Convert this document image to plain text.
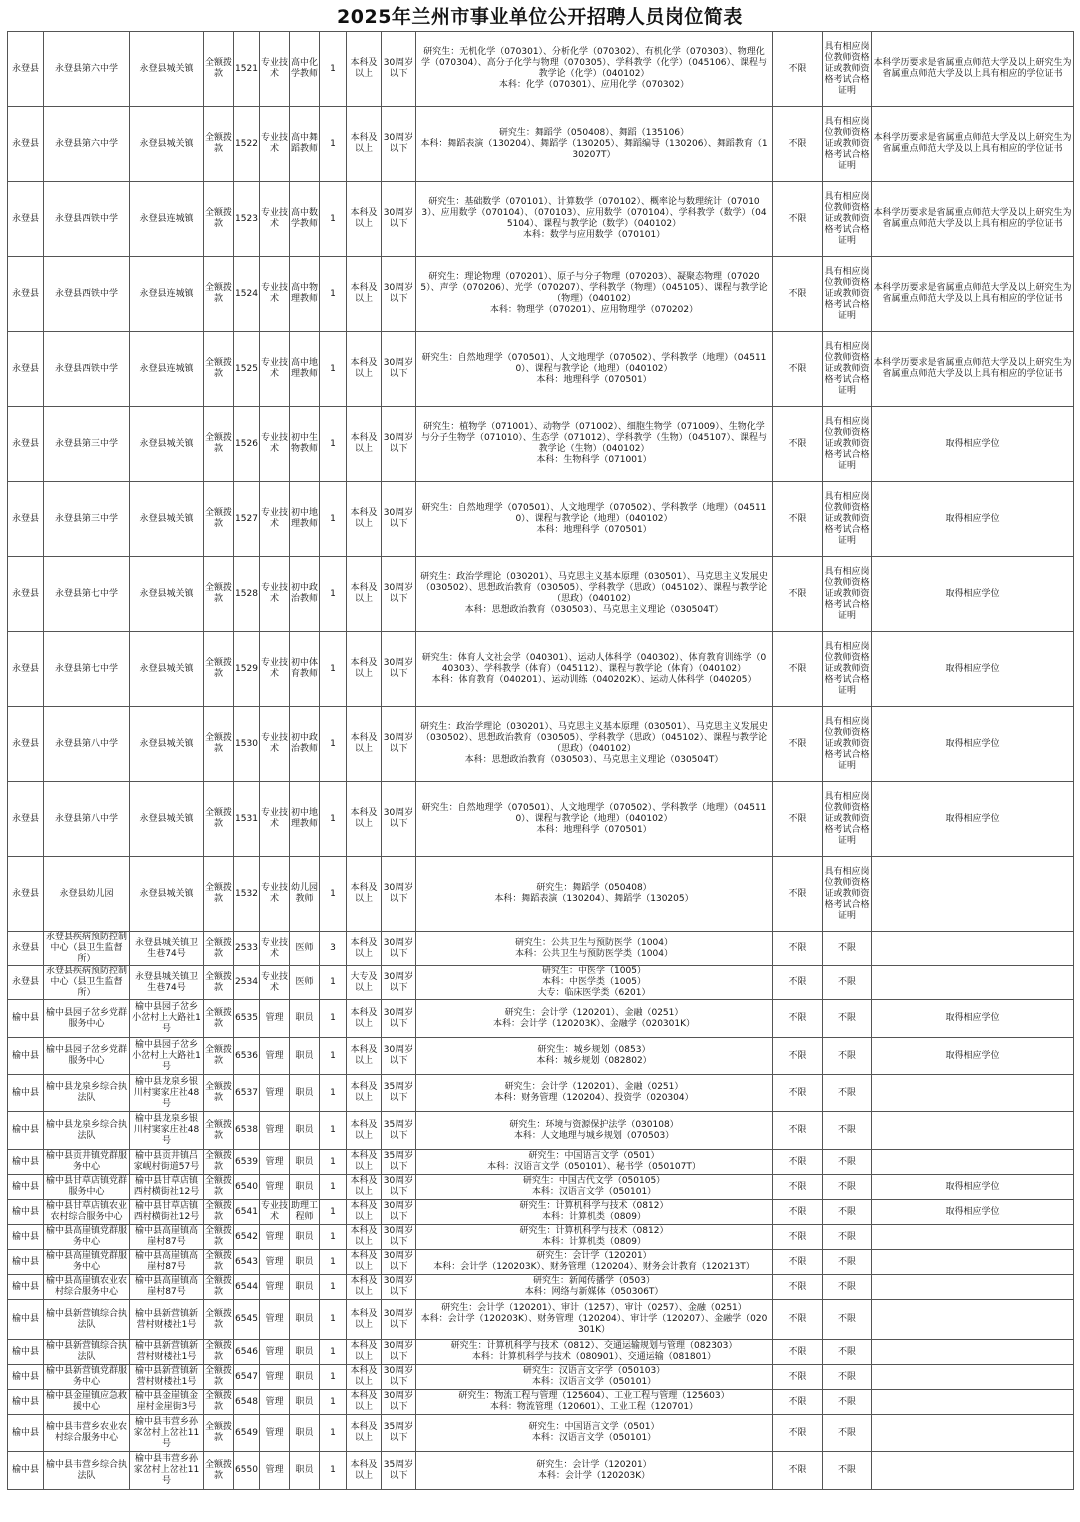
2025年兰州市事业单位公开招聘人员岗位简表
永登县	永登县第六中学	永登县城关镇	全额拨款	1521	专业技术	高中化学教师	1	本科及以上	30周岁以下	研究生：无机化学（070301）、分析化学（070302）、有机化学（070303）、物理化学（070304）、高分子化学与物理（070305）、学科教学（化学）（045106）、课程与教学论（化学）（040102）
本科：化学（070301）、应用化学（070302）	不限	具有相应岗位教师资格证或教师资格考试合格证明	本科学历要求是省属重点师范大学及以上研究生为省属重点师范大学及以上具有相应的学位证书
永登县	永登县第六中学	永登县城关镇	全额拨款	1522	专业技术	高中舞蹈教师	1	本科及以上	30周岁以下	研究生：舞蹈学（050408）、舞蹈（135106）
本科：舞蹈表演（130204）、舞蹈学（130205）、舞蹈编导（130206）、舞蹈教育（130207T）	不限	具有相应岗位教师资格证或教师资格考试合格证明	本科学历要求是省属重点师范大学及以上研究生为省属重点师范大学及以上具有相应的学位证书
永登县	永登县西铁中学	永登县连城镇	全额拨款	1523	专业技术	高中数学教师	1	本科及以上	30周岁以下	研究生：基础数学（070101）、计算数学（070102）、概率论与数理统计（070103）、应用数学（070104）、（070103）、应用数学（070104）、学科教学（数学）（045104）、课程与教学论（数学）（040102）
本科：数学与应用数学（070101）	不限	具有相应岗位教师资格证或教师资格考试合格证明	本科学历要求是省属重点师范大学及以上研究生为省属重点师范大学及以上具有相应的学位证书
永登县	永登县西铁中学	永登县连城镇	全额拨款	1524	专业技术	高中物理教师	1	本科及以上	30周岁以下	研究生：理论物理（070201）、原子与分子物理（070203）、凝聚态物理（070205）、声学（070206）、光学（070207）、学科教学（物理）（045105）、课程与教学论（物理）（040102）
本科：物理学（070201）、应用物理学（070202）	不限	具有相应岗位教师资格证或教师资格考试合格证明	本科学历要求是省属重点师范大学及以上研究生为省属重点师范大学及以上具有相应的学位证书
永登县	永登县西铁中学	永登县连城镇	全额拨款	1525	专业技术	高中地理教师	1	本科及以上	30周岁以下	研究生：自然地理学（070501）、人文地理学（070502）、学科教学（地理）（045110）、课程与教学论（地理）（040102）
本科：地理科学（070501）	不限	具有相应岗位教师资格证或教师资格考试合格证明	本科学历要求是省属重点师范大学及以上研究生为省属重点师范大学及以上具有相应的学位证书
永登县	永登县第三中学	永登县城关镇	全额拨款	1526	专业技术	初中生物教师	1	本科及以上	30周岁以下	研究生：植物学（071001）、动物学（071002）、细胞生物学（071009）、生物化学与分子生物学（071010）、生态学（071012）、学科教学（生物）（045107）、课程与教学论（生物）（040102）
本科：生物科学（071001）	不限	具有相应岗位教师资格证或教师资格考试合格证明	取得相应学位
永登县	永登县第三中学	永登县城关镇	全额拨款	1527	专业技术	初中地理教师	1	本科及以上	30周岁以下	研究生：自然地理学（070501）、人文地理学（070502）、学科教学（地理）（045110）、课程与教学论（地理）（040102）
本科：地理科学（070501）	不限	具有相应岗位教师资格证或教师资格考试合格证明	取得相应学位
永登县	永登县第七中学	永登县城关镇	全额拨款	1528	专业技术	初中政治教师	1	本科及以上	30周岁以下	研究生：政治学理论（030201）、马克思主义基本原理（030501）、马克思主义发展史（030502）、思想政治教育（030505）、学科教学（思政）（045102）、课程与教学论（思政）（040102）
本科：思想政治教育（030503）、马克思主义理论（030504T）	不限	具有相应岗位教师资格证或教师资格考试合格证明	取得相应学位
永登县	永登县第七中学	永登县城关镇	全额拨款	1529	专业技术	初中体育教师	1	本科及以上	30周岁以下	研究生：体育人文社会学（040301）、运动人体科学（040302）、体育教育训练学（040303）、学科教学（体育）（045112）、课程与教学论（体育）（040102）
本科：体育教育（040201）、运动训练（040202K）、运动人体科学（040205）	不限	具有相应岗位教师资格证或教师资格考试合格证明	取得相应学位
永登县	永登县第八中学	永登县城关镇	全额拨款	1530	专业技术	初中政治教师	1	本科及以上	30周岁以下	研究生：政治学理论（030201）、马克思主义基本原理（030501）、马克思主义发展史（030502）、思想政治教育（030505）、学科教学（思政）（045102）、课程与教学论（思政）（040102）
本科：思想政治教育（030503）、马克思主义理论（030504T）	不限	具有相应岗位教师资格证或教师资格考试合格证明	取得相应学位
永登县	永登县第八中学	永登县城关镇	全额拨款	1531	专业技术	初中地理教师	1	本科及以上	30周岁以下	研究生：自然地理学（070501）、人文地理学（070502）、学科教学（地理）（045110）、课程与教学论（地理）（040102）
本科：地理科学（070501）	不限	具有相应岗位教师资格证或教师资格考试合格证明	取得相应学位
永登县	永登县幼儿园	永登县城关镇	全额拨款	1532	专业技术	幼儿园教师	1	本科及以上	30周岁以下	研究生：舞蹈学（050408）
本科：舞蹈表演（130204）、舞蹈学（130205）	不限	具有相应岗位教师资格证或教师资格考试合格证明	
永登县	永登县疾病预防控制中心（县卫生监督所）	永登县城关镇卫生巷74号	全额拨款	2533	专业技术	医师	3	本科及以上	30周岁以下	研究生：公共卫生与预防医学（1004）
本科：公共卫生与预防医学类（1004）	不限	不限	
永登县	永登县疾病预防控制中心（县卫生监督所）	永登县城关镇卫生巷74号	全额拨款	2534	专业技术	医师	1	大专及以上	30周岁以下	研究生：中医学（1005）
本科：中医学类（1005）
大专：临床医学类（6201）	不限	不限	
榆中县	榆中县园子岔乡党群服务中心	榆中县园子岔乡小岔村上大路社1号	全额拨款	6535	管理	职员	1	本科及以上	30周岁以下	研究生：会计学（120201）、金融（0251）
本科：会计学（120203K）、金融学（020301K）	不限	不限	取得相应学位
榆中县	榆中县园子岔乡党群服务中心	榆中县园子岔乡小岔村上大路社1号	全额拨款	6536	管理	职员	1	本科及以上	30周岁以下	研究生：城乡规划（0853）
本科：城乡规划（082802）	不限	不限	取得相应学位
榆中县	榆中县龙泉乡综合执法队	榆中县龙泉乡银川村窦家庄社48号	全额拨款	6537	管理	职员	1	本科及以上	35周岁以下	研究生：会计学（120201）、金融（0251）
本科：财务管理（120204）、投资学（020304）	不限	不限	
榆中县	榆中县龙泉乡综合执法队	榆中县龙泉乡银川村窦家庄社48号	全额拨款	6538	管理	职员	1	本科及以上	35周岁以下	研究生：环境与资源保护法学（030108）
本科：人文地理与城乡规划（070503）	不限	不限	
榆中县	榆中县贡井镇党群服务中心	榆中县贡井镇吕家岘村街道57号	全额拨款	6539	管理	职员	1	本科及以上	35周岁以下	研究生：中国语言文学（0501）
本科：汉语言文学（050101）、秘书学（050107T）	不限	不限	
榆中县	榆中县甘草店镇党群服务中心	榆中县甘草店镇西村横街社12号	全额拨款	6540	管理	职员	1	本科及以上	30周岁以下	研究生：中国古代文学（050105）
本科：汉语言文学（050101）	不限	不限	取得相应学位
榆中县	榆中县甘草店镇农业农村综合服务中心	榆中县甘草店镇西村横街社12号	全额拨款	6541	专业技术	助理工程师	1	本科及以上	30周岁以下	研究生：计算机科学与技术（0812）
本科：计算机类（0809）	不限	不限	取得相应学位
榆中县	榆中县高崖镇党群服务中心	榆中县高崖镇高崖村87号	全额拨款	6542	管理	职员	1	本科及以上	30周岁以下	研究生：计算机科学与技术（0812）
本科：计算机类（0809）	不限	不限	
榆中县	榆中县高崖镇党群服务中心	榆中县高崖镇高崖村87号	全额拨款	6543	管理	职员	1	本科及以上	30周岁以下	研究生：会计学（120201）
本科：会计学（120203K）、财务管理（120204）、财务会计教育（120213T）	不限	不限	
榆中县	榆中县高崖镇农业农村综合服务中心	榆中县高崖镇高崖村87号	全额拨款	6544	管理	职员	1	本科及以上	30周岁以下	研究生：新闻传播学（0503）
本科：网络与新媒体（050306T）	不限	不限	
榆中县	榆中县新营镇综合执法队	榆中县新营镇新营村财楼社1号	全额拨款	6545	管理	职员	1	本科及以上	30周岁以下	研究生：会计学（120201）、审计（1257）、审计（0257）、金融（0251）
本科：会计学（120203K）、财务管理（120204）、审计学（120207）、金融学（020301K）	不限	不限	
榆中县	榆中县新营镇综合执法队	榆中县新营镇新营村财楼社1号	全额拨款	6546	管理	职员	1	本科及以上	30周岁以下	研究生：计算机科学与技术（0812）、交通运输规划与管理（082303）
本科：计算机科学与技术（080901）、交通运输（081801）	不限	不限	
榆中县	榆中县新营镇党群服务中心	榆中县新营镇新营村财楼社1号	全额拨款	6547	管理	职员	1	本科及以上	30周岁以下	研究生：汉语言文字学（050103）
本科：汉语言文学（050101）	不限	不限	
榆中县	榆中县金崖镇应急救援中心	榆中县金崖镇金崖村金崖街3号	全额拨款	6548	管理	职员	1	本科及以上	30周岁以下	研究生：物流工程与管理（125604）、工业工程与管理（125603）
本科：物流管理（120601）、工业工程（120701）	不限	不限	
榆中县	榆中县韦营乡农业农村综合服务中心	榆中县韦营乡孙家岔村上岔社11号	全额拨款	6549	管理	职员	1	本科及以上	35周岁以下	研究生：中国语言文学（0501）
本科：汉语言文学（050101）	不限	不限	
榆中县	榆中县韦营乡综合执法队	榆中县韦营乡孙家岔村上岔社11号	全额拨款	6550	管理	职员	1	本科及以上	35周岁以下	研究生：会计学（120201）
本科：会计学（120203K）	不限	不限	
